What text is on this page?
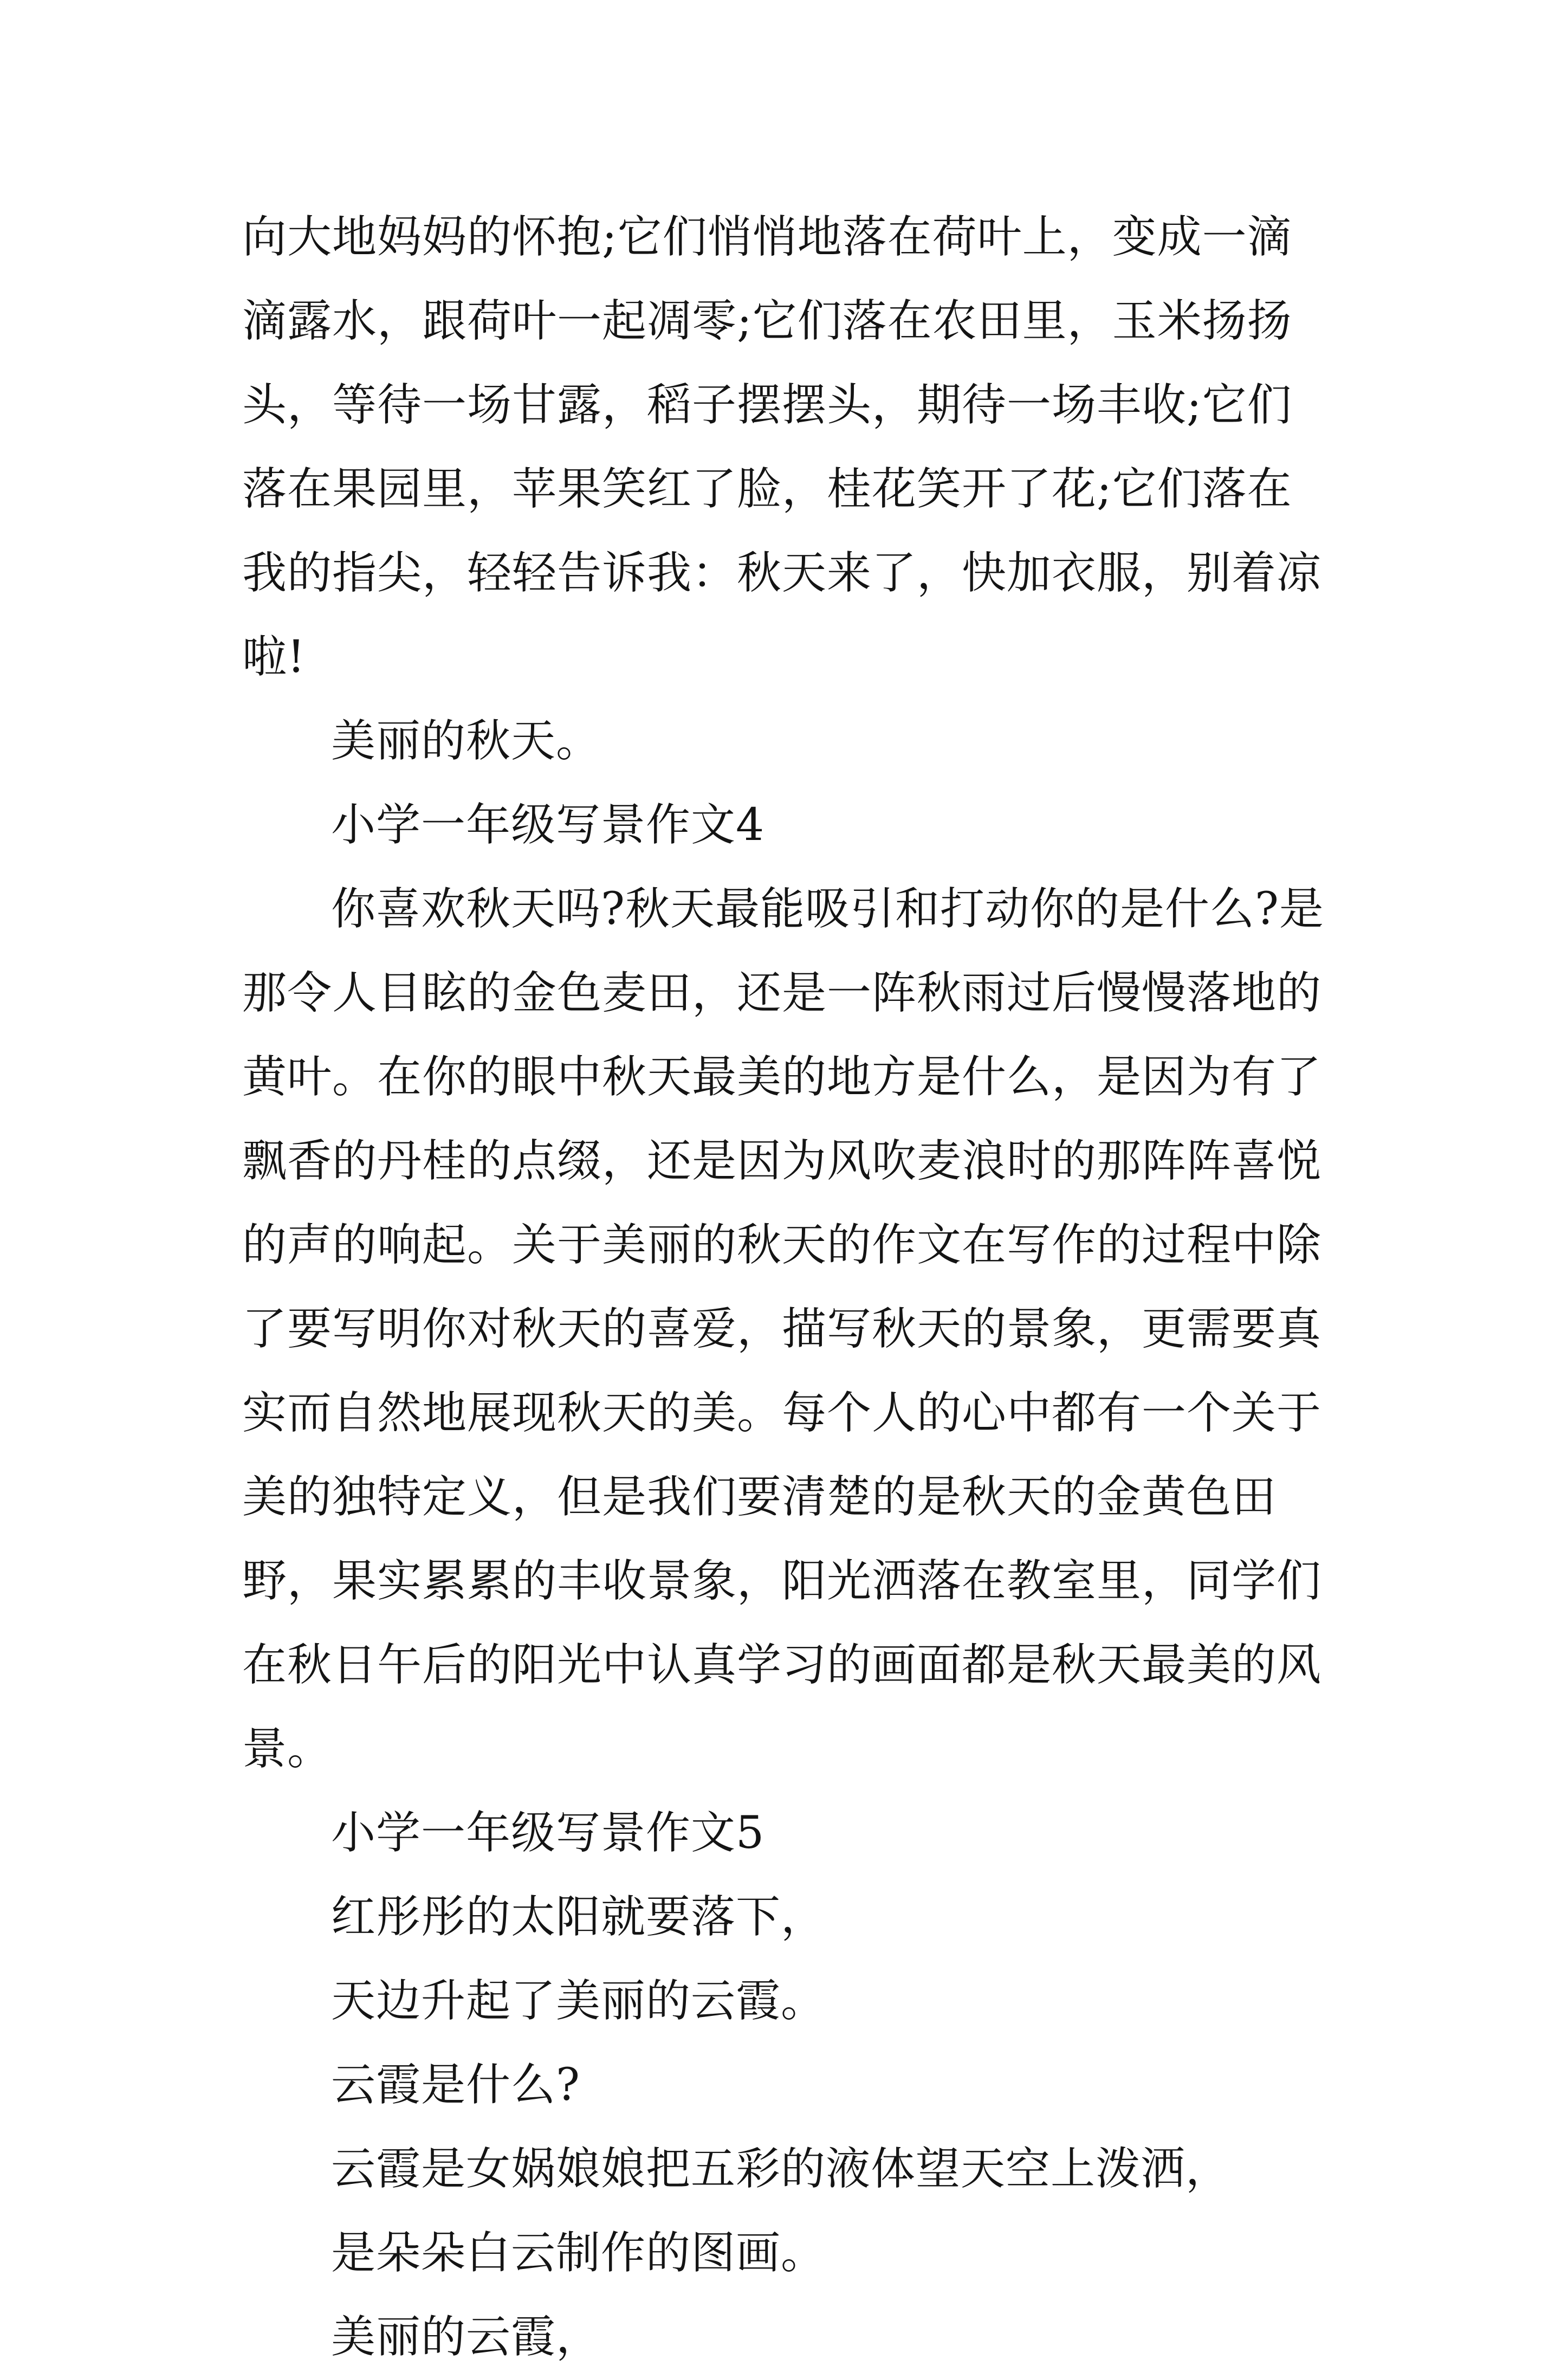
向大地妈妈的怀抱;它们悄悄地落在荷叶上，变成一滴滴露水，跟荷叶一起凋零;它们落在农田里，玉米扬扬头，等待一场甘露，稻子摆摆头，期待一场丰收;它们落在果园里，苹果笑红了脸，桂花笑开了花;它们落在我的指尖，轻轻告诉我：秋天来了，快加衣服，别着凉啦!

美丽的秋天。

小学一年级写景作文4

你喜欢秋天吗?秋天最能吸引和打动你的是什么?是那令人目眩的金色麦田，还是一阵秋雨过后慢慢落地的黄叶。在你的眼中秋天最美的地方是什么，是因为有了飘香的丹桂的点缀，还是因为风吹麦浪时的那阵阵喜悦的声的响起。关于美丽的秋天的作文在写作的过程中除了要写明你对秋天的喜爱，描写秋天的景象，更需要真实而自然地展现秋天的美。每个人的心中都有一个关于美的独特定义，但是我们要清楚的是秋天的金黄色田野，果实累累的丰收景象，阳光洒落在教室里，同学们在秋日午后的阳光中认真学习的画面都是秋天最美的风景。

小学一年级写景作文5

红彤彤的太阳就要落下，

天边升起了美丽的云霞。

云霞是什么?

云霞是女娲娘娘把五彩的液体望天空上泼洒，

是朵朵白云制作的图画。

美丽的云霞，
